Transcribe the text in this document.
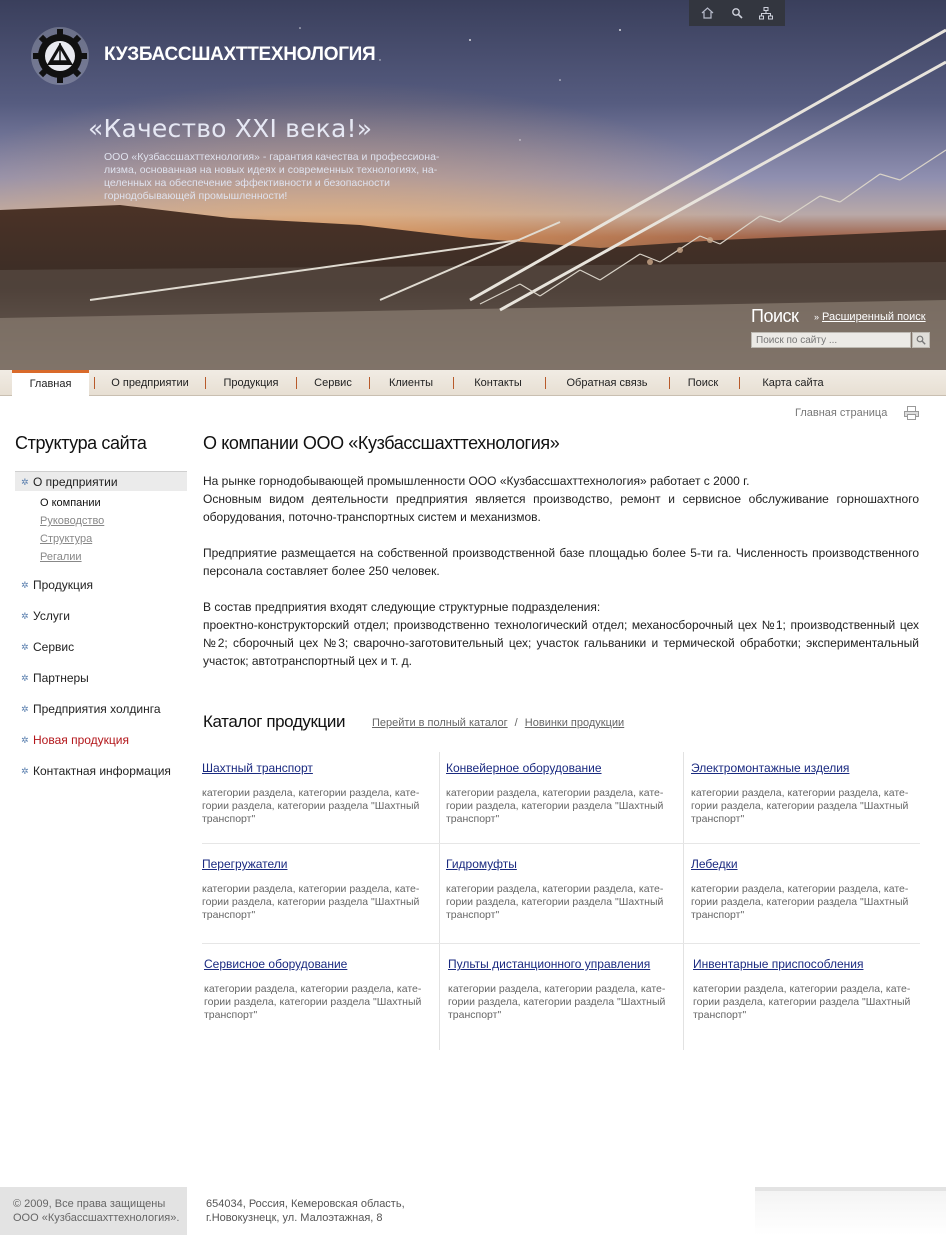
КУЗБАССШАХТТЕХНОЛОГИЯ
«Качество XXI века!»
ООО «Кузбассшахттехнология» - гарантия качества и профессиона-
лизма, основанная на новых идеях и современных технологиях, на-
целенных на обеспечение эффективности и безопасности
горнодобывающей промышленности!
Поиск » Расширенный поиск
Поиск по сайту ...
Главная	О предприятии	Продукция	Сервис	Клиенты	Контакты	Обратная связь	Поиск	Карта сайта
Главная страница
Структура сайта
✲ О предприятии
О компании
Руководство
Структура
Регалии
✲ Продукция
✲ Услуги
✲ Сервис
✲ Партнеры
✲ Предприятия холдинга
✲ Новая продукция
✲ Контактная информация
О компании ООО «Кузбассшахттехнология»

На рынке горнодобывающей промышленности ООО «Кузбассшахттехнология» работает с 2000 г.
Основным видом деятельности предприятия является производство, ремонт и сервисное обслуживание горношахтного оборудования, поточно-транспортных систем и механизмов.

Предприятие размещается на собственной производственной базе площадью более 5-ти га. Численность производственного персонала составляет более 250 человек.

В состав предприятия входят следующие структурные подразделения:
проектно-конструкторский отдел; производственно технологический отдел; механосборочный цех №1; производственный цех №2; сборочный цех №3; сварочно-заготовительный цех; участок гальваники и термической обработки; экспериментальный участок; автотранспортный цех и т. д.

Каталог продукции Перейти в полный каталог / Новинки продукции
Шахтный транспорт
категории раздела, категории раздела, кате-гории раздела, категории раздела "Шахтный транспорт"
Конвейерное оборудование
категории раздела, категории раздела, кате-гории раздела, категории раздела "Шахтный транспорт"
Электромонтажные изделия
категории раздела, категории раздела, кате-гории раздела, категории раздела "Шахтный транспорт"
Перегружатели
категории раздела, категории раздела, кате-гории раздела, категории раздела "Шахтный транспорт"
Гидромуфты
категории раздела, категории раздела, кате-гории раздела, категории раздела "Шахтный транспорт"
Лебедки
категории раздела, категории раздела, кате-гории раздела, категории раздела "Шахтный транспорт"
Сервисное оборудование
категории раздела, категории раздела, кате-гории раздела, категории раздела "Шахтный транспорт"
Пульты дистанционного управления
категории раздела, категории раздела, кате-гории раздела, категории раздела "Шахтный транспорт"
Инвентарные приспособления
категории раздела, категории раздела, кате-гории раздела, категории раздела "Шахтный транспорт"
© 2009, Все права защищены
ООО «Кузбассшахттехнология».
654034, Россия, Кемеровская область,
г.Новокузнецк, ул. Малоэтажная, 8
